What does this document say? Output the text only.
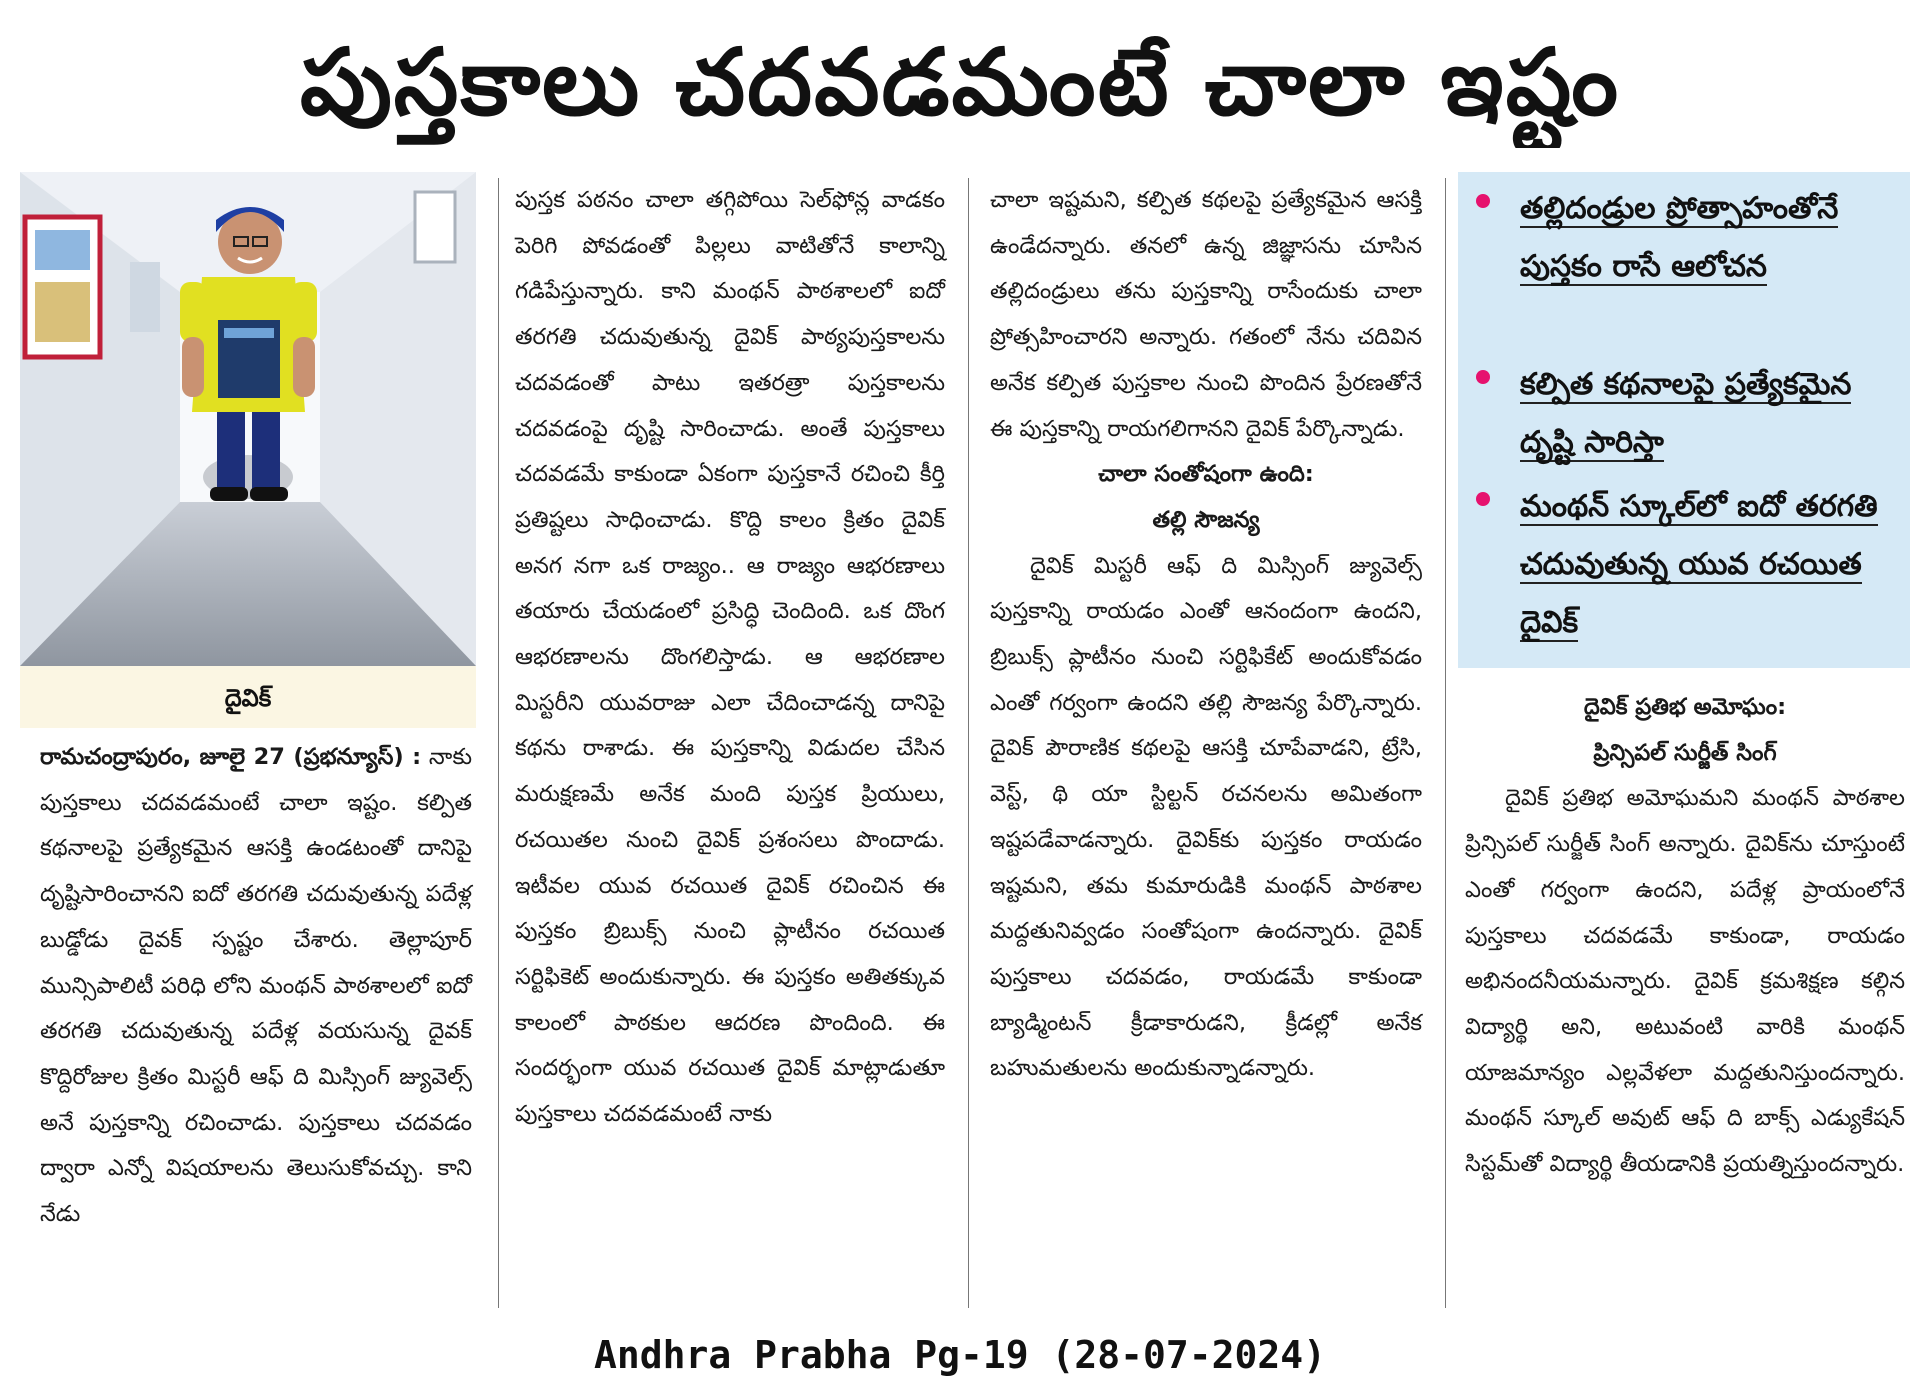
పుస్తకాలు చదవడమంటే చాలా ఇష్టం
దైవిక్

రామచంద్రాపురం, జూలై 27 (ప్రభన్యూస్) : నాకు పుస్తకాలు చదవడమంటే చాలా ఇష్టం. కల్పిత కథనాలపై ప్రత్యేకమైన ఆసక్తి ఉండటంతో దానిపై దృష్టిసారించానని ఐదో తరగతి చదువుతున్న పదేళ్ల బుడ్డోడు దైవక్ స్పష్టం చేశారు. తెల్లాపూర్ మున్సిపాలిటీ పరిధి లోని మంథన్ పాఠశాలలో ఐదో తరగతి చదువుతున్న పదేళ్ల వయసున్న దైవక్ కొద్దిరోజుల క్రితం మిస్టరీ ఆఫ్ ది మిస్సింగ్ జ్యువెల్స్ అనే పుస్తకాన్ని రచించాడు. పుస్తకాలు చదవడం ద్వారా ఎన్నో విషయాలను తెలుసుకోవచ్చు. కాని నేడు

పుస్తక పఠనం చాలా తగ్గిపోయి సెల్‌ఫోన్ల వాడకం పెరిగి పోవడంతో పిల్లలు వాటితోనే కాలాన్ని గడిపేస్తున్నారు. కాని మంథన్ పాఠశాలలో ఐదో తరగతి చదువుతున్న దైవిక్ పాఠ్యపుస్తకాలను చదవడంతో పాటు ఇతరత్రా పుస్తకాలను చదవడంపై దృష్టి సారించాడు. అంతే పుస్తకాలు చదవడమే కాకుండా ఏకంగా పుస్తకానే రచించి కీర్తి ప్రతిష్టలు సాధించాడు. కొద్ది కాలం క్రితం దైవిక్ అనగ నగా ఒక రాజ్యం.. ఆ రాజ్యం ఆభరణాలు తయారు చేయడంలో ప్రసిద్ధి చెందింది. ఒక దొంగ ఆభరణాలను దొంగలిస్తాడు. ఆ ఆభరణాల మిస్టరీని యువరాజు ఎలా చేదించాడన్న దానిపై కథను రాశాడు. ఈ పుస్తకాన్ని విడుదల చేసిన మరుక్షణమే అనేక మంది పుస్తక ప్రియులు, రచయితల నుంచి దైవిక్ ప్రశంసలు పొందాడు. ఇటీవల యువ రచయిత దైవిక్ రచించిన ఈ పుస్తకం బ్రిబుక్స్ నుంచి ప్లాటీనం రచయిత సర్టిఫికెట్ అందుకున్నారు. ఈ పుస్తకం అతితక్కువ కాలంలో పాఠకుల ఆదరణ పొందింది. ఈ సందర్భంగా యువ రచయిత దైవిక్ మాట్లాడుతూ పుస్తకాలు చదవడమంటే నాకు

చాలా ఇష్టమని, కల్పిత కథలపై ప్రత్యేకమైన ఆసక్తి ఉండేదన్నారు. తనలో ఉన్న జిజ్ఞాసను చూసిన తల్లిదండ్రులు తను పుస్తకాన్ని రాసేందుకు చాలా ప్రోత్సహించారని అన్నారు. గతంలో నేను చదివిన అనేక కల్పిత పుస్తకాల నుంచి పొందిన ప్రేరణతోనే ఈ పుస్తకాన్ని రాయగలిగానని దైవిక్ పేర్కొన్నాడు.

చాలా సంతోషంగా ఉంది:

తల్లి సౌజన్య

దైవిక్ మిస్టరీ ఆఫ్ ది మిస్సింగ్ జ్యువెల్స్ పుస్తకాన్ని రాయడం ఎంతో ఆనందంగా ఉందని, బ్రిబుక్స్ ప్లాటీనం నుంచి సర్టిఫికేట్ అందుకోవడం ఎంతో గర్వంగా ఉందని తల్లి సౌజన్య పేర్కొన్నారు. దైవిక్ పౌరాణిక కథలపై ఆసక్తి చూపేవాడని, ట్రేసి, వెస్ట్, థి యా స్టిల్టన్ రచనలను అమితంగా ఇష్టపడేవాడన్నారు. దైవిక్‌కు పుస్తకం రాయడం ఇష్టమని, తమ కుమారుడికి మంథన్ పాఠశాల మద్దతునివ్వడం సంతోషంగా ఉందన్నారు. దైవిక్ పుస్తకాలు చదవడం, రాయడమే కాకుండా బ్యాడ్మింటన్ క్రీడాకారుడని, క్రీడల్లో అనేక బహుమతులను అందుకున్నాడన్నారు.

తల్లిదండ్రుల ప్రోత్సాహంతోనే పుస్తకం రాసే ఆలోచన
కల్పిత కథనాలపై ప్రత్యేకమైన దృష్టి సారిస్తా
మంథన్ స్కూల్‌లో ఐదో తరగతి చదువుతున్న యువ రచయిత దైవిక్

దైవిక్ ప్రతిభ అమోఘం:

ప్రిన్సిపల్ సుర్జీత్ సింగ్

దైవిక్ ప్రతిభ అమోఘమని మంథన్ పాఠశాల ప్రిన్సిపల్ సుర్జీత్ సింగ్ అన్నారు. దైవిక్‌ను చూస్తుంటే ఎంతో గర్వంగా ఉందని, పదేళ్ల ప్రాయంలోనే పుస్తకాలు చదవడమే కాకుండా, రాయడం అభినందనీయమన్నారు. దైవిక్ క్రమశిక్షణ కల్గిన విద్యార్థి అని, అటువంటి వారికి మంథన్ యాజమాన్యం ఎల్లవేళలా మద్దతునిస్తుందన్నారు. మంథన్ స్కూల్ అవుట్ ఆఫ్ ది బాక్స్ ఎడ్యుకేషన్ సిస్టమ్‌తో విద్యార్థి తీయడానికి ప్రయత్నిస్తుందన్నారు.

Andhra Prabha Pg-19 (28-07-2024)
